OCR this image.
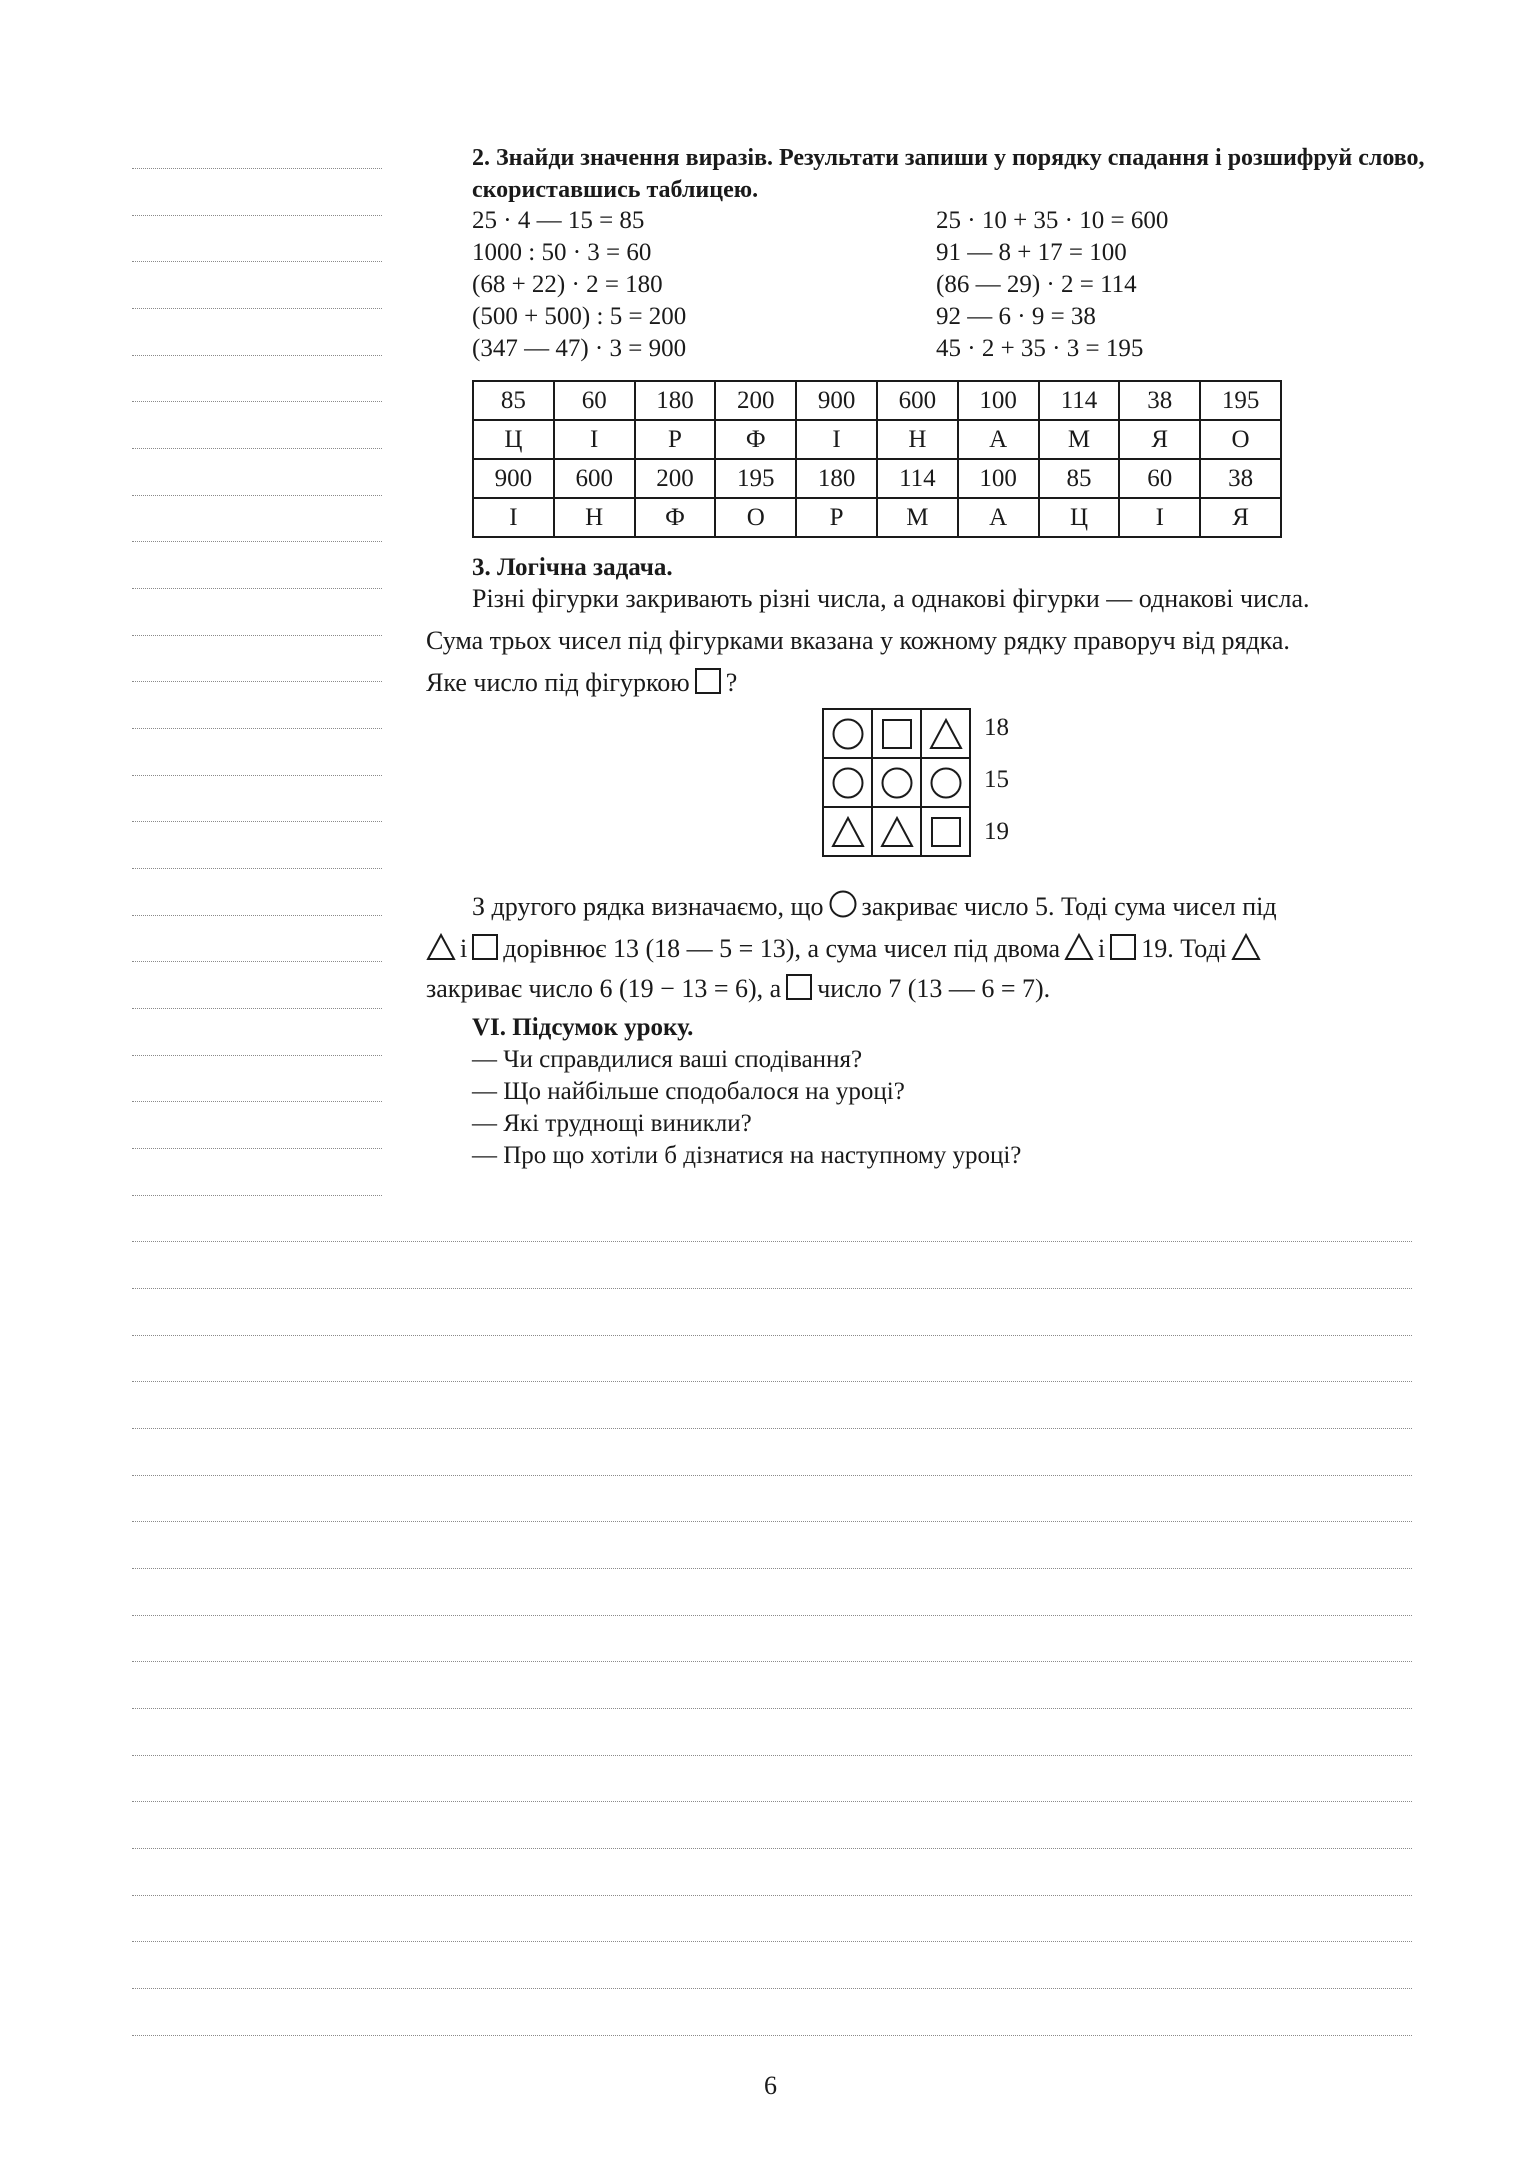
2. Знайди значення виразів. Результати запиши у порядку спадання і розшифруй слово, скориставшись таблицею.
25 · 4 — 15 = 85
1000 : 50 · 3 = 60
(68 + 22) · 2 = 180
(500 + 500) : 5 = 200
(347 — 47) · 3 = 900
25 · 10 + 35 · 10 = 600
91 — 8 + 17 = 100
(86 — 29) · 2 = 114
92 — 6 · 9 = 38
45 · 2 + 35 · 3 = 195
85	60	180	200	900	600	100	114	38	195
Ц	І	Р	Ф	І	Н	А	М	Я	О
900	600	200	195	180	114	100	85	60	38
І	Н	Ф	О	Р	М	А	Ц	І	Я
3. Логічна задача.
Різні фігурки закривають різні числа, а однакові фігурки — однакові числа.
Сума трьох чисел під фігурками вказана у кожному рядку праворуч від рядка.
Яке число під фігуркою ?

18
15
19
З другого рядка визначаємо, що закриває число 5. Тоді сума чисел під
і дорівнює 13 (18 — 5 = 13), а сума чисел під двома і 19. Тоді
закриває число 6 (19 − 13 = 6), а число 7 (13 — 6 = 7).
VI. Підсумок уроку.
— Чи справдилися ваші сподівання?
— Що найбільше сподобалося на уроці?
— Які труднощі виникли?
— Про що хотіли б дізнатися на наступному уроці?
6
